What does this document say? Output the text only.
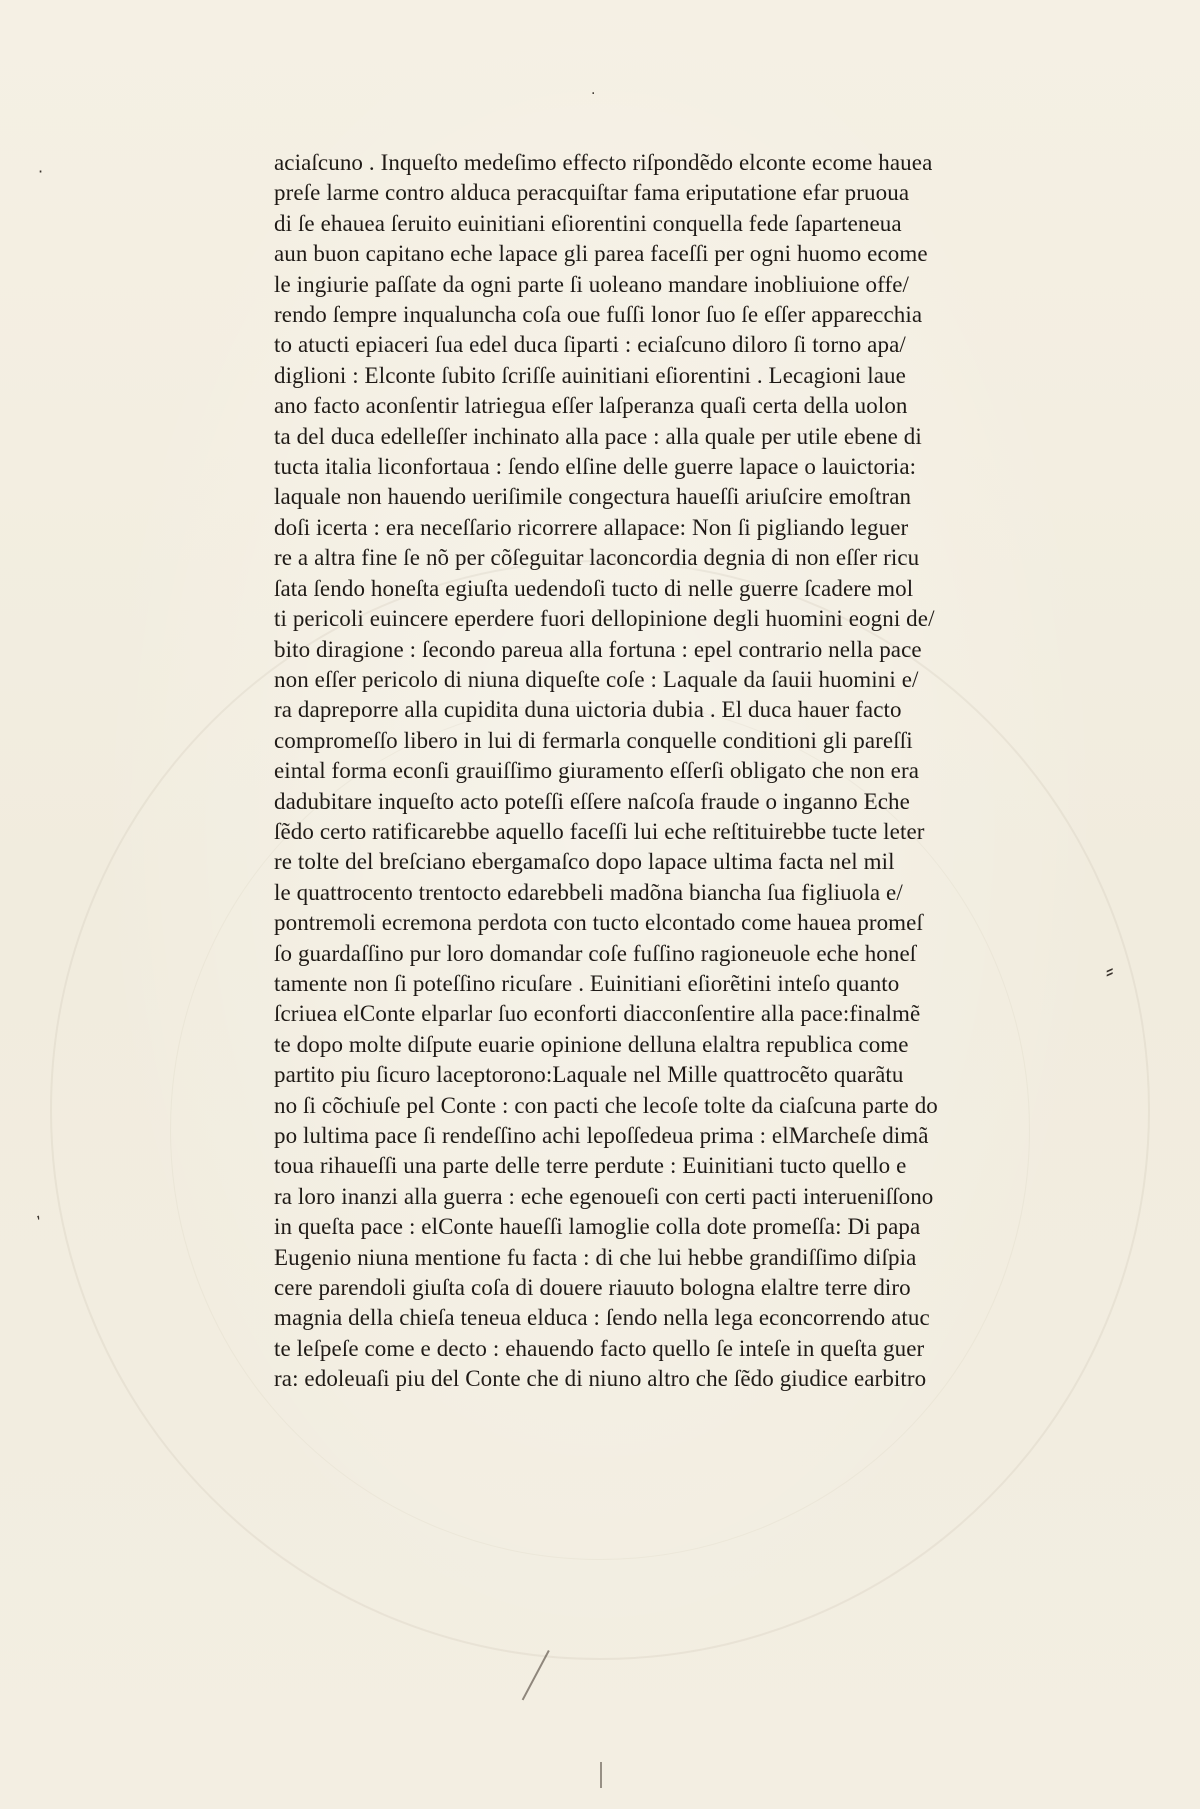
·
·
ʼ
⸗
aciaſcuno . Inqueſto medeſimo effecto riſpondẽdo elconte ecome hauea
preſe larme contro alduca peracquiſtar fama eriputatione efar pruoua
di ſe ehauea ſeruito euinitiani eſiorentini conquella fede ſaparteneua
aun buon capitano eche lapace gli parea faceſſi per ogni huomo ecome
le ingiurie paſſate da ogni parte ſi uoleano mandare inobliuione offe/
rendo ſempre inqualuncha coſa oue fuſſi lonor ſuo ſe eſſer apparecchia
to atucti epiaceri ſua edel duca ſiparti : eciaſcuno diloro ſi torno apa/
diglioni : Elconte ſubito ſcriſſe auinitiani eſiorentini . Lecagioni laue
ano facto aconſentir latriegua eſſer laſperanza quaſi certa della uolon
ta del duca edelleſſer inchinato alla pace : alla quale per utile ebene di
tucta italia liconfortaua : ſendo elſine delle guerre lapace o lauictoria:
laquale non hauendo ueriſimile congectura haueſſi ariuſcire emoſtran
doſi icerta : era neceſſario ricorrere allapace: Non ſi pigliando leguer
re a altra fine ſe nõ per cõſeguitar laconcordia degnia di non eſſer ricu
ſata ſendo honeſta egiuſta uedendoſi tucto di nelle guerre ſcadere mol
ti pericoli euincere eperdere fuori dellopinione degli huomini eogni de/
bito diragione : ſecondo pareua alla fortuna : epel contrario nella pace
non eſſer pericolo di niuna diqueſte coſe : Laquale da ſauii huomini e/
ra dapreporre alla cupidita duna uictoria dubia . El duca hauer facto
compromeſſo libero in lui di fermarla conquelle conditioni gli pareſſi
eintal forma econſi grauiſſimo giuramento eſſerſi obligato che non era
dadubitare inqueſto acto poteſſi eſſere naſcoſa fraude o inganno Eche
ſẽdo certo ratificarebbe aquello faceſſi lui eche reſtituirebbe tucte leter
re tolte del breſciano ebergamaſco dopo lapace ultima facta nel mil
le quattrocento trentocto edarebbeli madõna biancha ſua figliuola e/
pontremoli ecremona perdota con tucto elcontado come hauea promeſ
ſo guardaſſino pur loro domandar coſe fuſſino ragioneuole eche honeſ
tamente non ſi poteſſino ricuſare . Euinitiani eſiorẽtini inteſo quanto
ſcriuea elConte elparlar ſuo econforti diacconſentire alla pace:finalmẽ
te dopo molte diſpute euarie opinione delluna elaltra republica come
partito piu ſicuro laceptorono:Laquale nel Mille quattrocẽto quarãtu
no ſi cõchiuſe pel Conte : con pacti che lecoſe tolte da ciaſcuna parte do
po lultima pace ſi rendeſſino achi lepoſſedeua prima : elMarcheſe dimã
toua rihaueſſi una parte delle terre perdute : Euinitiani tucto quello e
ra loro inanzi alla guerra : eche egenoueſi con certi pacti interueniſſono
in queſta pace : elConte haueſſi lamoglie colla dote promeſſa: Di papa
Eugenio niuna mentione fu facta : di che lui hebbe grandiſſimo diſpia
cere parendoli giuſta coſa di douere riauuto bologna elaltre terre diro
magnia della chieſa teneua elduca : ſendo nella lega econcorrendo atuc
te leſpeſe come e decto : ehauendo facto quello ſe inteſe in queſta guer
ra: edoleuaſi piu del Conte che di niuno altro che ſẽdo giudice earbitro
